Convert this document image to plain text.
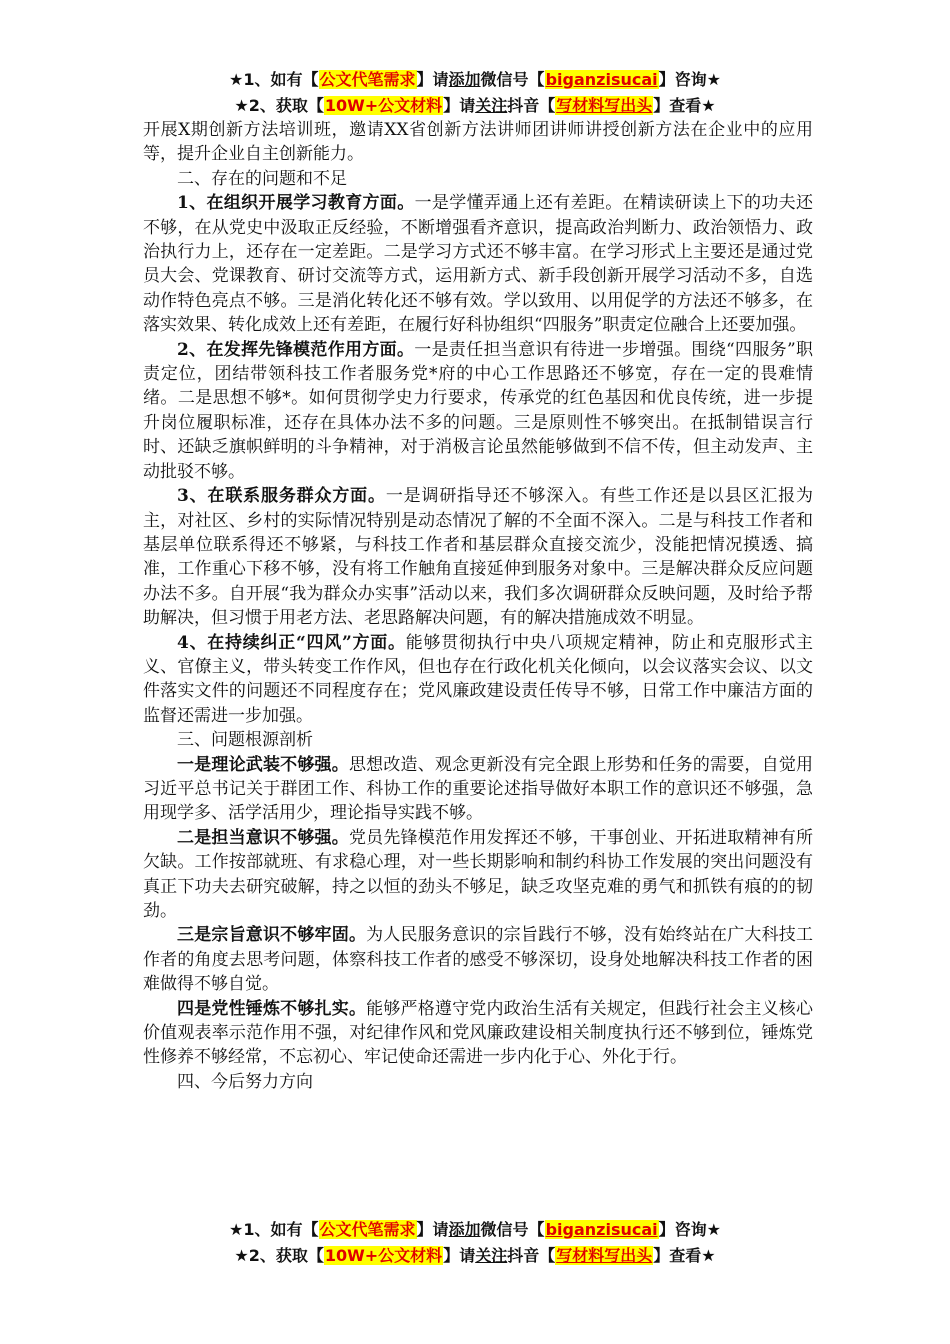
★1、如有【公文代笔需求】请添加微信号【biganzisucai】咨询★
★2、获取【10W+公文材料】请关注抖音【写材料写出头】查看★

开展X期创新方法培训班，邀请XX省创新方法讲师团讲师讲授创新方法在企业中的应用等，提升企业自主创新能力。

二、存在的问题和不足

1、在组织开展学习教育方面。一是学懂弄通上还有差距。在精读研读上下的功夫还不够，在从党史中汲取正反经验，不断增强看齐意识，提高政治判断力、政治领悟力、政治执行力上，还存在一定差距。二是学习方式还不够丰富。在学习形式上主要还是通过党员大会、党课教育、研讨交流等方式，运用新方式、新手段创新开展学习活动不多，自选动作特色亮点不够。三是消化转化还不够有效。学以致用、以用促学的方法还不够多，在落实效果、转化成效上还有差距，在履行好科协组织“四服务”职责定位融合上还要加强。

2、在发挥先锋模范作用方面。一是责任担当意识有待进一步增强。围绕“四服务”职责定位，团结带领科技工作者服务党*府的中心工作思路还不够宽，存在一定的畏难情绪。二是思想不够*。如何贯彻学史力行要求，传承党的红色基因和优良传统，进一步提升岗位履职标准，还存在具体办法不多的问题。三是原则性不够突出。在抵制错误言行时、还缺乏旗帜鲜明的斗争精神，对于消极言论虽然能够做到不信不传，但主动发声、主动批驳不够。

3、在联系服务群众方面。一是调研指导还不够深入。有些工作还是以县区汇报为主，对社区、乡村的实际情况特别是动态情况了解的不全面不深入。二是与科技工作者和基层单位联系得还不够紧，与科技工作者和基层群众直接交流少，没能把情况摸透、搞准，工作重心下移不够，没有将工作触角直接延伸到服务对象中。三是解决群众反应问题办法不多。自开展“我为群众办实事”活动以来，我们多次调研群众反映问题，及时给予帮助解决，但习惯于用老方法、老思路解决问题，有的解决措施成效不明显。

4、在持续纠正“四风”方面。能够贯彻执行中央八项规定精神，防止和克服形式主义、官僚主义，带头转变工作作风，但也存在行政化机关化倾向，以会议落实会议、以文件落实文件的问题还不同程度存在；党风廉政建设责任传导不够，日常工作中廉洁方面的监督还需进一步加强。

三、问题根源剖析

一是理论武装不够强。思想改造、观念更新没有完全跟上形势和任务的需要，自觉用习近平总书记关于群团工作、科协工作的重要论述指导做好本职工作的意识还不够强，急用现学多、活学活用少，理论指导实践不够。

二是担当意识不够强。党员先锋模范作用发挥还不够，干事创业、开拓进取精神有所欠缺。工作按部就班、有求稳心理，对一些长期影响和制约科协工作发展的突出问题没有真正下功夫去研究破解，持之以恒的劲头不够足，缺乏攻坚克难的勇气和抓铁有痕的的韧劲。

三是宗旨意识不够牢固。为人民服务意识的宗旨践行不够，没有始终站在广大科技工作者的角度去思考问题，体察科技工作者的感受不够深切，设身处地解决科技工作者的困难做得不够自觉。

四是党性锤炼不够扎实。能够严格遵守党内政治生活有关规定，但践行社会主义核心价值观表率示范作用不强，对纪律作风和党风廉政建设相关制度执行还不够到位，锤炼党性修养不够经常，不忘初心、牢记使命还需进一步内化于心、外化于行。

四、今后努力方向

★1、如有【公文代笔需求】请添加微信号【biganzisucai】咨询★
★2、获取【10W+公文材料】请关注抖音【写材料写出头】查看★
